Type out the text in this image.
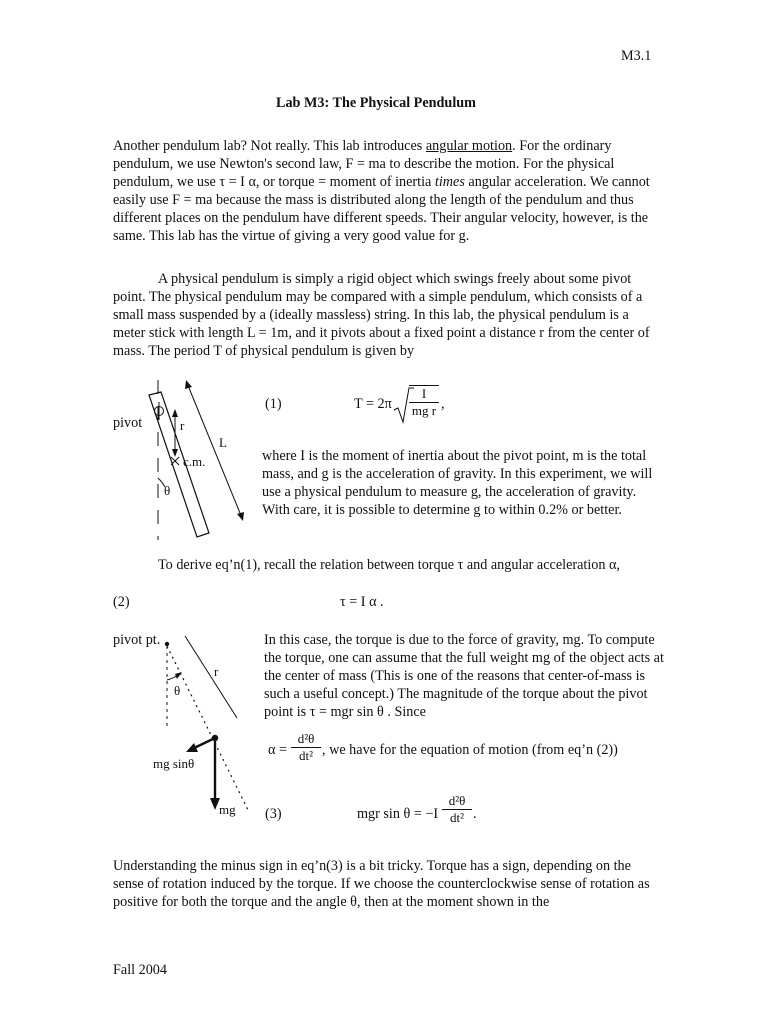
M3.1
Lab M3: The Physical Pendulum
Another pendulum lab? Not really. This lab introduces angular motion. For the ordinary pendulum, we use Newton's second law, F = ma to describe the motion. For the physical pendulum, we use τ = I α, or torque = moment of inertia times angular acceleration. We cannot easily use F = ma because the mass is distributed along the length of the pendulum and thus different places on the pendulum have different speeds. Their angular velocity, however, is the same. This lab has the virtue of giving a very good value for g.
A physical pendulum is simply a rigid object which swings freely about some pivot point. The physical pendulum may be compared with a simple pendulum, which consists of a small mass suspended by a (ideally massless) string. In this lab, the physical pendulum is a meter stick with length L = 1m, and it pivots about a fixed point a distance r from the center of mass. The period T of physical pendulum is given by
pivot	r
L
c.m.
θ
(1)	$T = 2\pi \frac{I}{\text{mg r}}$ ,
where I is the moment of inertia about the pivot point, m is the total mass, and g is the acceleration of gravity. In this experiment, we will use a physical pendulum to measure g, the acceleration of gravity. With care, it is possible to determine g to within 0.2% or better.
To derive eq’n(1), recall the relation between torque τ and angular acceleration α,
(2)	τ = I α .
pivot pt.
r
θ
mg sinθ
mg
In this case, the torque is due to the force of gravity, mg. To compute the torque, one can assume that the full weight mg of the object acts at the center of mass (This is one of the reasons that center-of-mass is such a useful concept.) The magnitude of the torque about the pivot point is τ = mgr sin θ . Since
$\alpha = \frac{\text{d²θ}}{\text{dt²}}$ , we have for the equation of motion (from eq’n (2))
(3)	mgr $\sin \theta = -I \frac{\text{d²θ}}{\text{dt²}}$ .
Understanding the minus sign in eq’n(3) is a bit tricky. Torque has a sign, depending on the sense of rotation induced by the torque. If we choose the counterclockwise sense of rotation as positive for both the torque and the angle θ, then at the moment shown in the
Fall 2004
